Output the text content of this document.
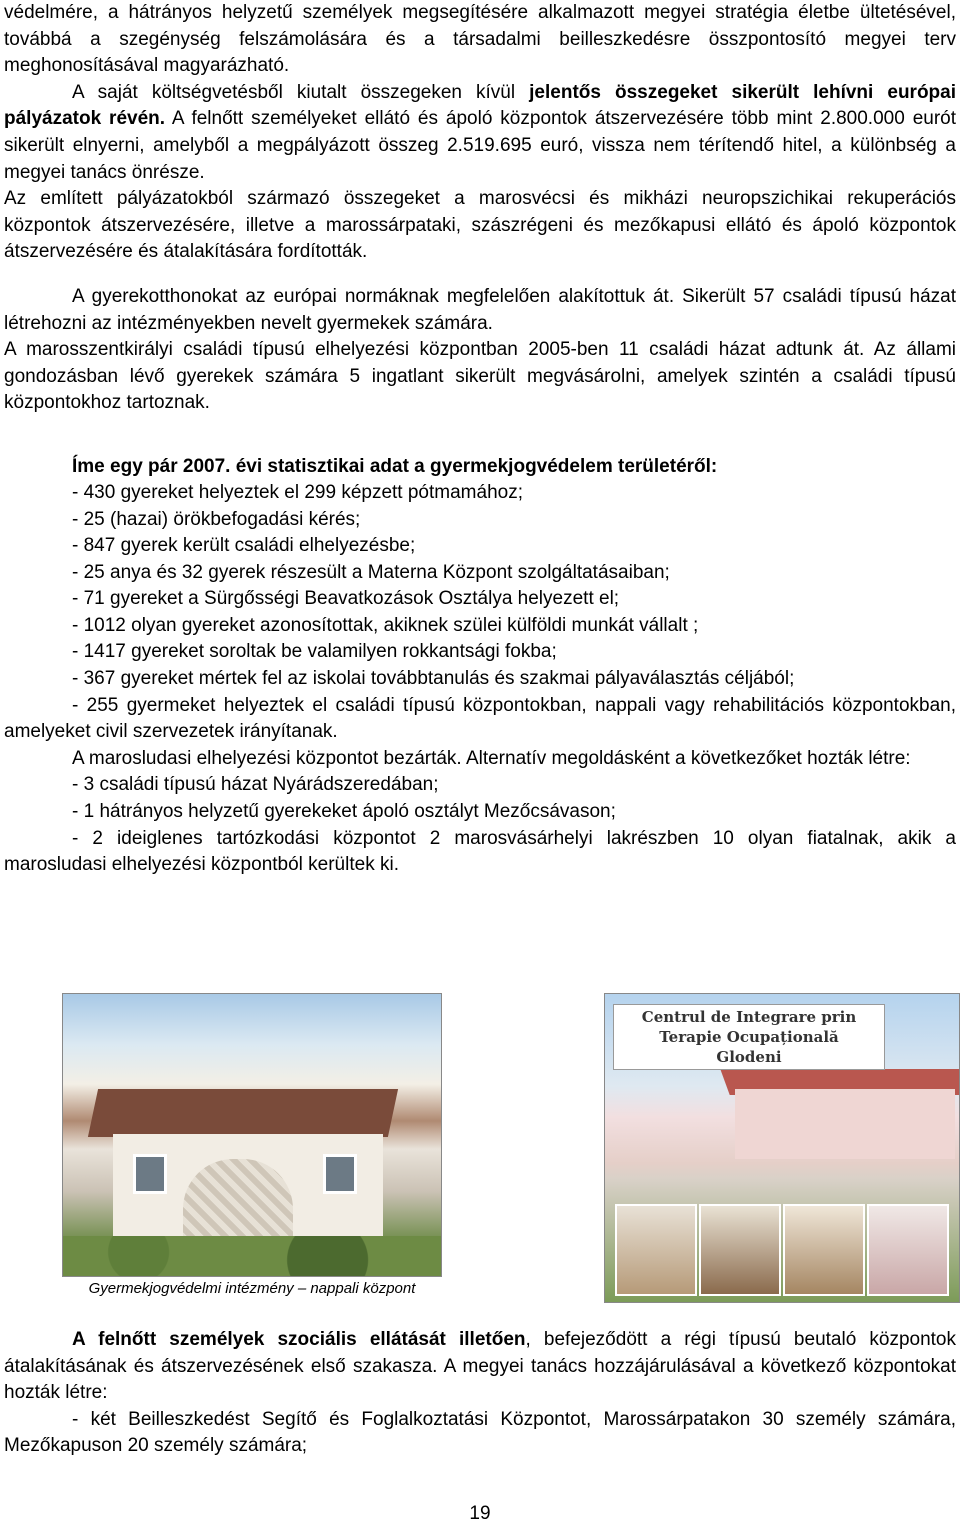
védelmére, a hátrányos helyzetű személyek megsegítésére alkalmazott megyei stratégia életbe ültetésével, továbbá a szegénység felszámolására és a társadalmi beilleszkedésre összpontosító megyei terv meghonosításával magyarázható.

A saját költségvetésből kiutalt összegeken kívül jelentős összegeket sikerült lehívni európai pályázatok révén. A felnőtt személyeket ellátó és ápoló központok átszervezésére több mint 2.800.000 eurót sikerült elnyerni, amelyből a megpályázott összeg 2.519.695 euró, vissza nem térítendő hitel, a különbség a megyei tanács önrésze.

Az említett pályázatokból származó összegeket a marosvécsi és mikházi neuropszichikai rekuperációs központok átszervezésére, illetve a marossárpataki, szászrégeni és mezőkapusi ellátó és ápoló központok átszervezésére és átalakítására fordították.

A gyerekotthonokat az európai normáknak megfelelően alakítottuk át. Sikerült 57 családi típusú házat létrehozni az intézményekben nevelt gyermekek számára.

A marosszentkirályi családi típusú elhelyezési központban 2005-ben 11 családi házat adtunk át. Az állami gondozásban lévő gyerekek számára 5 ingatlant sikerült megvásárolni, amelyek szintén a családi típusú központokhoz tartoznak.

Íme egy pár 2007. évi statisztikai adat a gyermekjogvédelem területéről:

- 430 gyereket helyeztek el 299 képzett pótmamához;

- 25 (hazai) örökbefogadási kérés;

- 847 gyerek került családi elhelyezésbe;

- 25 anya és 32 gyerek részesült a Materna Központ szolgáltatásaiban;

- 71 gyereket a Sürgősségi Beavatkozások Osztálya helyezett el;

- 1012 olyan gyereket azonosítottak, akiknek szülei külföldi munkát vállalt ;

- 1417 gyereket soroltak be valamilyen rokkantsági fokba;

- 367 gyereket mértek fel az iskolai továbbtanulás és szakmai pályaválasztás céljából;

- 255 gyermeket helyeztek el családi típusú központokban, nappali vagy rehabilitációs központokban, amelyeket civil szervezetek irányítanak.

A marosludasi elhelyezési központot bezárták. Alternatív megoldásként a következőket hozták létre:

- 3 családi típusú házat Nyárádszeredában;

- 1 hátrányos helyzetű gyerekeket ápoló osztályt Mezőcsávason;

- 2 ideiglenes tartózkodási központot 2 marosvásárhelyi lakrészben 10 olyan fiatalnak, akik a marosludasi elhelyezési központból kerültek ki.

Gyermekjogvédelmi intézmény – nappali központ
Centrul de Integrare prin
Terapie Ocupațională
Glodeni

A felnőtt személyek szociális ellátását illetően, befejeződött a régi típusú beutaló központok átalakításának és átszervezésének első szakasza. A megyei tanács hozzájárulásával a következő központokat hozták létre:

- két Beilleszkedést Segítő és Foglalkoztatási Központot, Marossárpatakon 30 személy számára, Mezőkapuson 20 személy számára;

19
